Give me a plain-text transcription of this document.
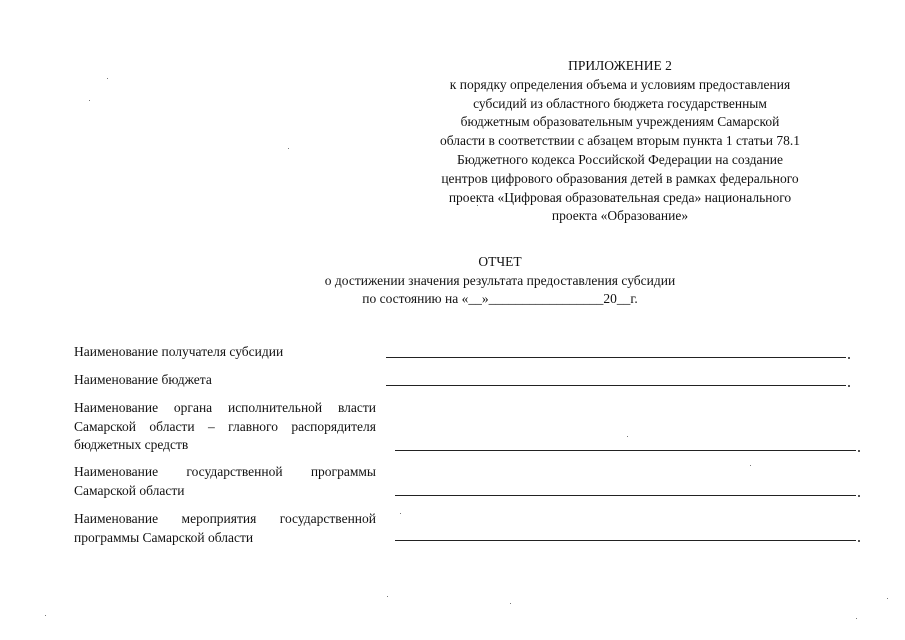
ПРИЛОЖЕНИЕ 2
к порядку определения объема и условиям предоставления
субсидий из областного бюджета государственным
бюджетным образовательным учреждениям Самарской
области в соответствии с абзацем вторым пункта 1 статьи 78.1
Бюджетного кодекса Российской Федерации на создание
центров цифрового образования детей в рамках федерального
проекта «Цифровая образовательная среда» национального
проекта «Образование»
ОТЧЕТ
о достижении значения результата предоставления субсидии
по состоянию на «__»_________________20__г.
Наименование получателя субсидии
Наименование бюджета
Наименование органа исполнительной власти Самарской области – главного распорядителя бюджетных средств
Наименование государственной программы Самарской области
Наименование мероприятия государственной программы Самарской области
